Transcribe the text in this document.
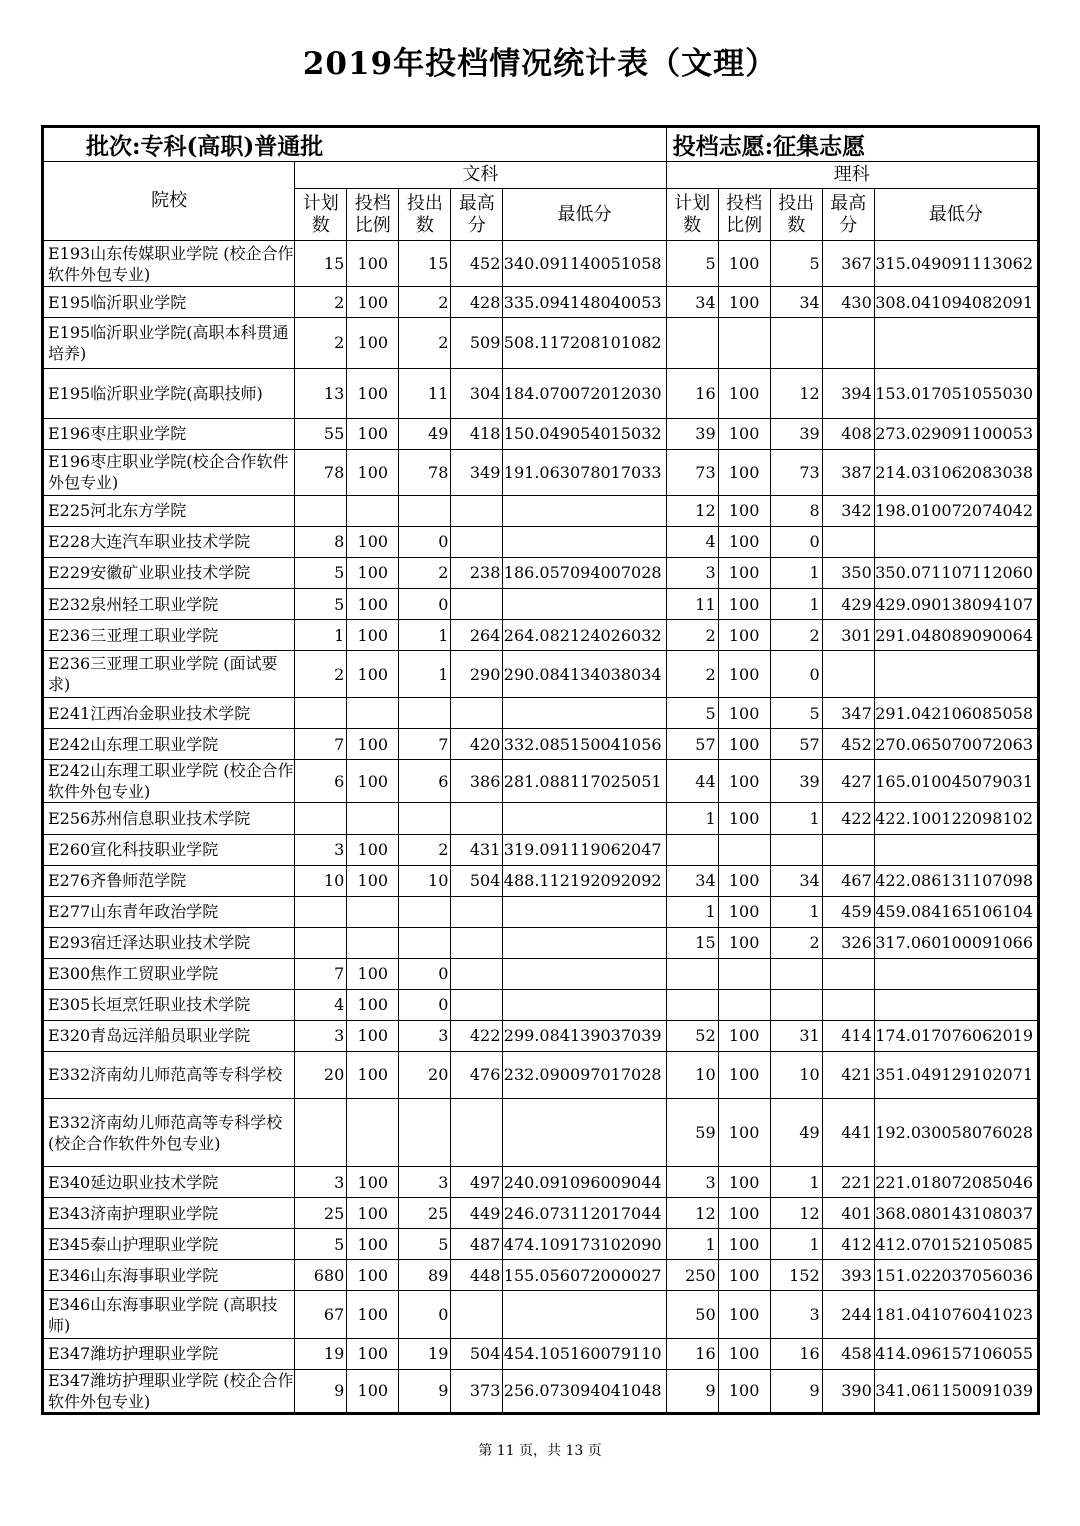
2019年投档情况统计表（文理）
批次:专科(高职)普通批						投档志愿:征集志愿				
院校	文科					理科				
	计划数	投档比例	投出数	最高分	最低分	计划数	投档比例	投出数	最高分	最低分
E193山东传媒职业学院 (校企合作软件外包专业)	15	100	15	452	340.091140051058	5	100	5	367	315.049091113062
E195临沂职业学院	2	100	2	428	335.094148040053	34	100	34	430	308.041094082091
E195临沂职业学院(高职本科贯通培养)	2	100	2	509	508.117208101082					
E195临沂职业学院(高职技师)	13	100	11	304	184.070072012030	16	100	12	394	153.017051055030
E196枣庄职业学院	55	100	49	418	150.049054015032	39	100	39	408	273.029091100053
E196枣庄职业学院(校企合作软件外包专业)	78	100	78	349	191.063078017033	73	100	73	387	214.031062083038
E225河北东方学院						12	100	8	342	198.010072074042
E228大连汽车职业技术学院	8	100	0			4	100	0		
E229安徽矿业职业技术学院	5	100	2	238	186.057094007028	3	100	1	350	350.071107112060
E232泉州轻工职业学院	5	100	0			11	100	1	429	429.090138094107
E236三亚理工职业学院	1	100	1	264	264.082124026032	2	100	2	301	291.048089090064
E236三亚理工职业学院 (面试要求)	2	100	1	290	290.084134038034	2	100	0		
E241江西冶金职业技术学院						5	100	5	347	291.042106085058
E242山东理工职业学院	7	100	7	420	332.085150041056	57	100	57	452	270.065070072063
E242山东理工职业学院 (校企合作软件外包专业)	6	100	6	386	281.088117025051	44	100	39	427	165.010045079031
E256苏州信息职业技术学院						1	100	1	422	422.100122098102
E260宣化科技职业学院	3	100	2	431	319.091119062047					
E276齐鲁师范学院	10	100	10	504	488.112192092092	34	100	34	467	422.086131107098
E277山东青年政治学院						1	100	1	459	459.084165106104
E293宿迁泽达职业技术学院						15	100	2	326	317.060100091066
E300焦作工贸职业学院	7	100	0							
E305长垣烹饪职业技术学院	4	100	0							
E320青岛远洋船员职业学院	3	100	3	422	299.084139037039	52	100	31	414	174.017076062019
E332济南幼儿师范高等专科学校	20	100	20	476	232.090097017028	10	100	10	421	351.049129102071
E332济南幼儿师范高等专科学校(校企合作软件外包专业)						59	100	49	441	192.030058076028
E340延边职业技术学院	3	100	3	497	240.091096009044	3	100	1	221	221.018072085046
E343济南护理职业学院	25	100	25	449	246.073112017044	12	100	12	401	368.080143108037
E345泰山护理职业学院	5	100	5	487	474.109173102090	1	100	1	412	412.070152105085
E346山东海事职业学院	680	100	89	448	155.056072000027	250	100	152	393	151.022037056036
E346山东海事职业学院 (高职技师)	67	100	0			50	100	3	244	181.041076041023
E347潍坊护理职业学院	19	100	19	504	454.105160079110	16	100	16	458	414.096157106055
E347潍坊护理职业学院 (校企合作软件外包专业)	9	100	9	373	256.073094041048	9	100	9	390	341.061150091039
第 11 页，共 13 页
